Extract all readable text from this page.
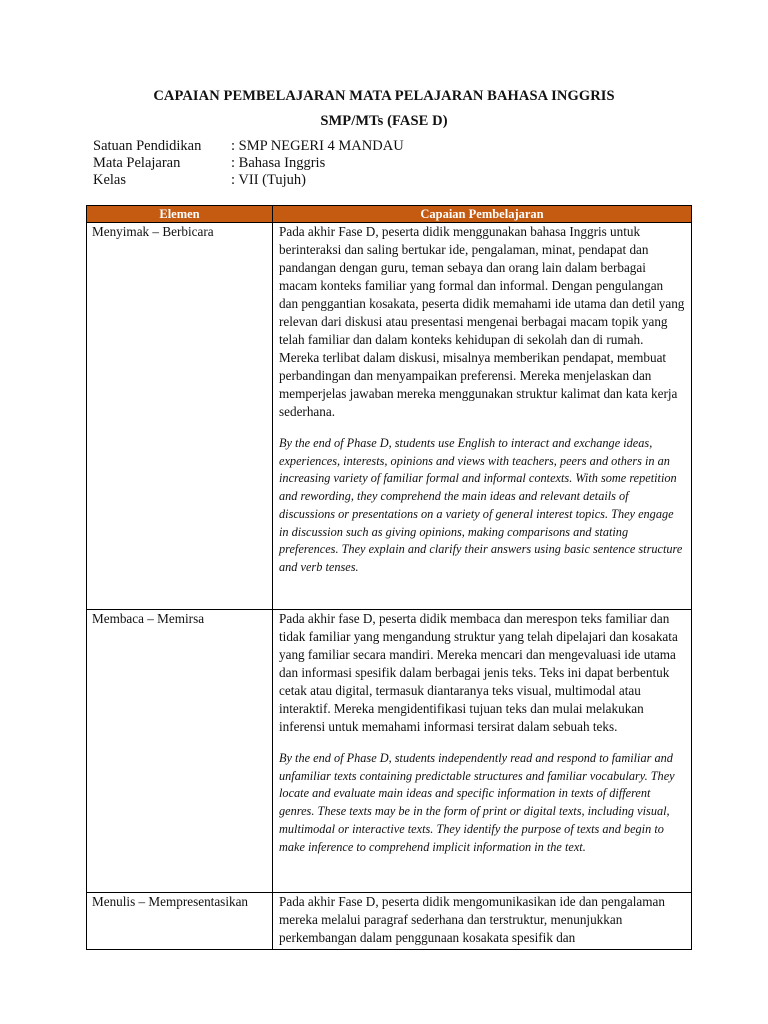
CAPAIAN PEMBELAJARAN MATA PELAJARAN BAHASA INGGRIS
SMP/MTs (FASE D)
Satuan Pendidikan	: SMP NEGERI 4 MANDAU
Mata Pelajaran	: Bahasa Inggris
Kelas	: VII (Tujuh)
Elemen	Capaian Pembelajaran
Menyimak – Berbicara	Pada akhir Fase D, peserta didik menggunakan bahasa Inggris untuk berinteraksi dan saling bertukar ide, pengalaman, minat, pendapat dan pandangan dengan guru, teman sebaya dan orang lain dalam berbagai macam konteks familiar yang formal dan informal. Dengan pengulangan dan penggantian kosakata, peserta didik memahami ide utama dan detil yang relevan dari diskusi atau presentasi mengenai berbagai macam topik yang telah familiar dan dalam konteks kehidupan di sekolah dan di rumah. Mereka terlibat dalam diskusi, misalnya memberikan pendapat, membuat perbandingan dan menyampaikan preferensi. Mereka menjelaskan dan memperjelas jawaban mereka menggunakan struktur kalimat dan kata kerja sederhana.

By the end of Phase D, students use English to interact and exchange ideas, experiences, interests, opinions and views with teachers, peers and others in an increasing variety of familiar formal and informal contexts. With some repetition and rewording, they comprehend the main ideas and relevant details of discussions or presentations on a variety of general interest topics. They engage in discussion such as giving opinions, making comparisons and stating preferences. They explain and clarify their answers using basic sentence structure and verb tenses.

Membaca – Memirsa	Pada akhir fase D, peserta didik membaca dan merespon teks familiar dan tidak familiar yang mengandung struktur yang telah dipelajari dan kosakata yang familiar secara mandiri. Mereka mencari dan mengevaluasi ide utama dan informasi spesifik dalam berbagai jenis teks. Teks ini dapat berbentuk cetak atau digital, termasuk diantaranya teks visual, multimodal atau interaktif. Mereka mengidentifikasi tujuan teks dan mulai melakukan inferensi untuk memahami informasi tersirat dalam sebuah teks.

By the end of Phase D, students independently read and respond to familiar and unfamiliar texts containing predictable structures and familiar vocabulary. They locate and evaluate main ideas and specific information in texts of different genres. These texts may be in the form of print or digital texts, including visual, multimodal or interactive texts. They identify the purpose of texts and begin to make inference to comprehend implicit information in the text.

Menulis – Mempresentasikan	Pada akhir Fase D, peserta didik mengomunikasikan ide dan pengalaman mereka melalui paragraf sederhana dan terstruktur, menunjukkan perkembangan dalam penggunaan kosakata spesifik dan
